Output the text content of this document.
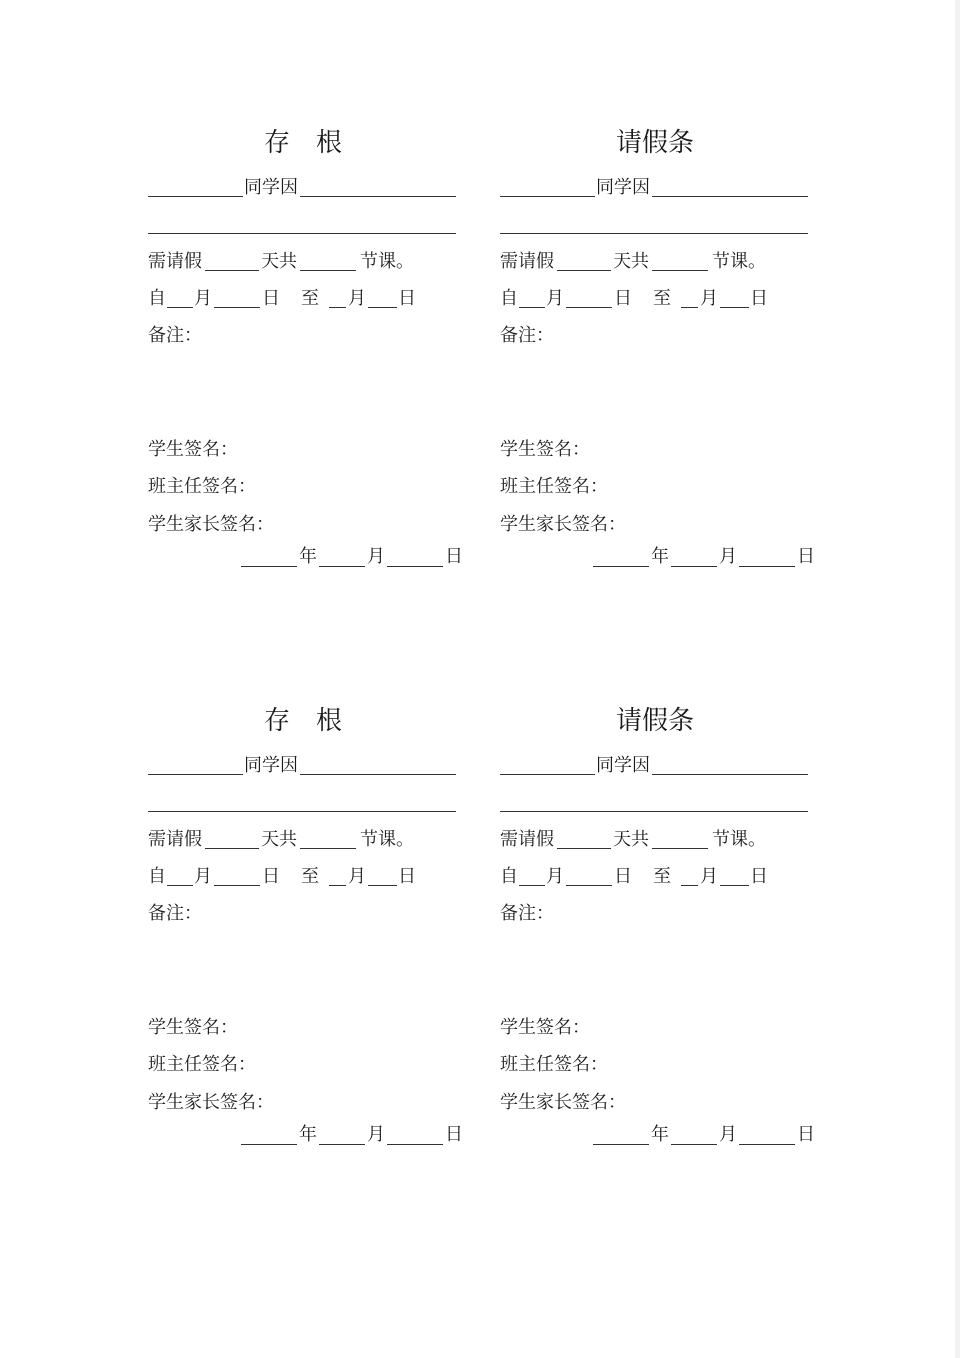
存　根
同学因
需请假	天共	节课。
自 月	日 至 月 日
备注：
学生签名：
班主任签名：
学生家长签名：
年	月	日
请假条
同学因
需请假	天共	节课。
自 月	日 至 月 日
备注：
学生签名：
班主任签名：
学生家长签名：
年	月	日
存　根
同学因
需请假	天共	节课。
自 月	日 至 月 日
备注：
学生签名：
班主任签名：
学生家长签名：
年	月	日
请假条
同学因
需请假	天共	节课。
自 月	日 至 月 日
备注：
学生签名：
班主任签名：
学生家长签名：
年	月	日
